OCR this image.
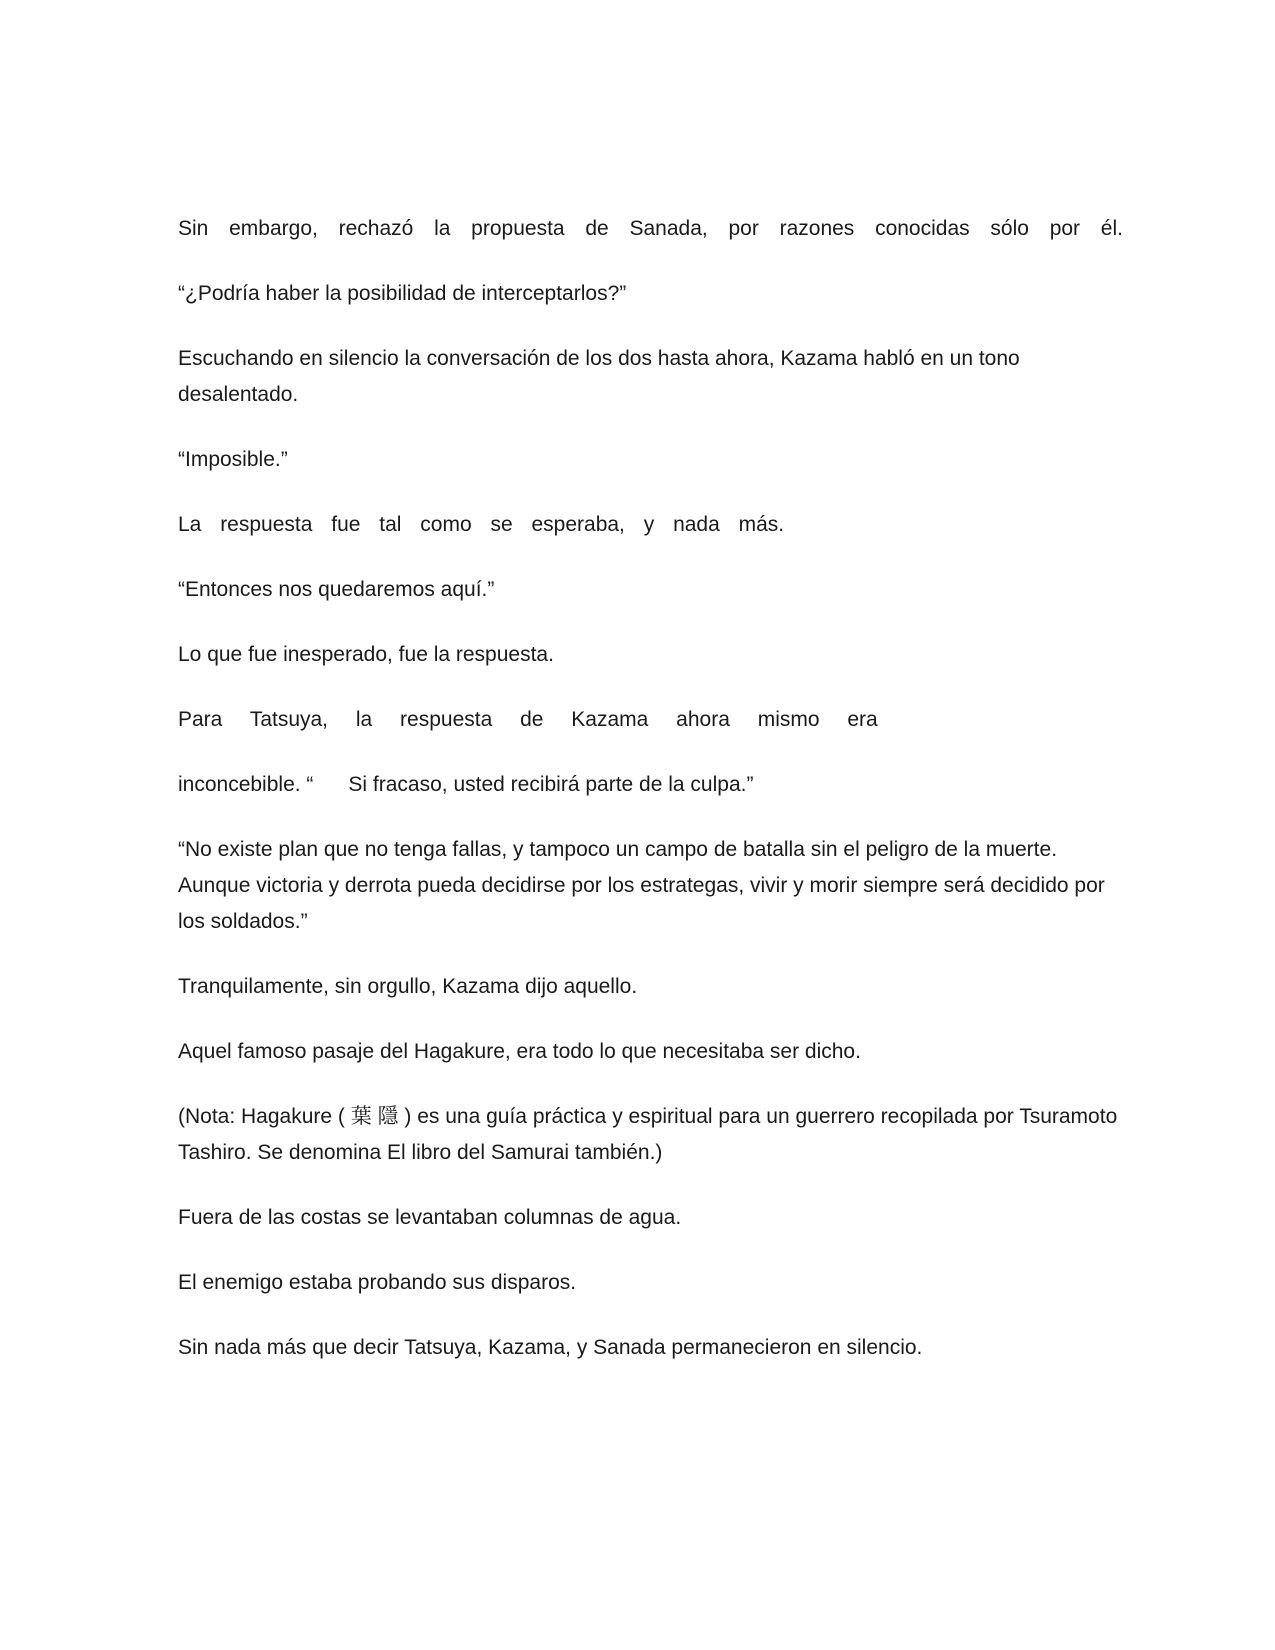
Sin embargo, rechazó la propuesta de Sanada, por razones conocidas sólo por él.

“¿Podría haber la posibilidad de interceptarlos?”

Escuchando en silencio la conversación de los dos hasta ahora, Kazama habló en un tono desalentado.

“Imposible.”

La respuesta fue tal como se esperaba, y nada más.

“Entonces nos quedaremos aquí.”

Lo que fue inesperado, fue la respuesta.

Para Tatsuya, la respuesta de Kazama ahora mismo era

inconcebible. “      Si fracaso, usted recibirá parte de la culpa.”

“No existe plan que no tenga fallas, y tampoco un campo de batalla sin el peligro de la muerte. Aunque victoria y derrota pueda decidirse por los estrategas, vivir y morir siempre será decidido por los soldados.”

Tranquilamente, sin orgullo, Kazama dijo aquello.

Aquel famoso pasaje del Hagakure, era todo lo que necesitaba ser dicho.

(Nota: Hagakure ( 葉 隱 ) es una guía práctica y espiritual para un guerrero recopilada por Tsuramoto Tashiro. Se denomina El libro del Samurai también.)

Fuera de las costas se levantaban columnas de agua.

El enemigo estaba probando sus disparos.

Sin nada más que decir Tatsuya, Kazama, y Sanada permanecieron en silencio.
